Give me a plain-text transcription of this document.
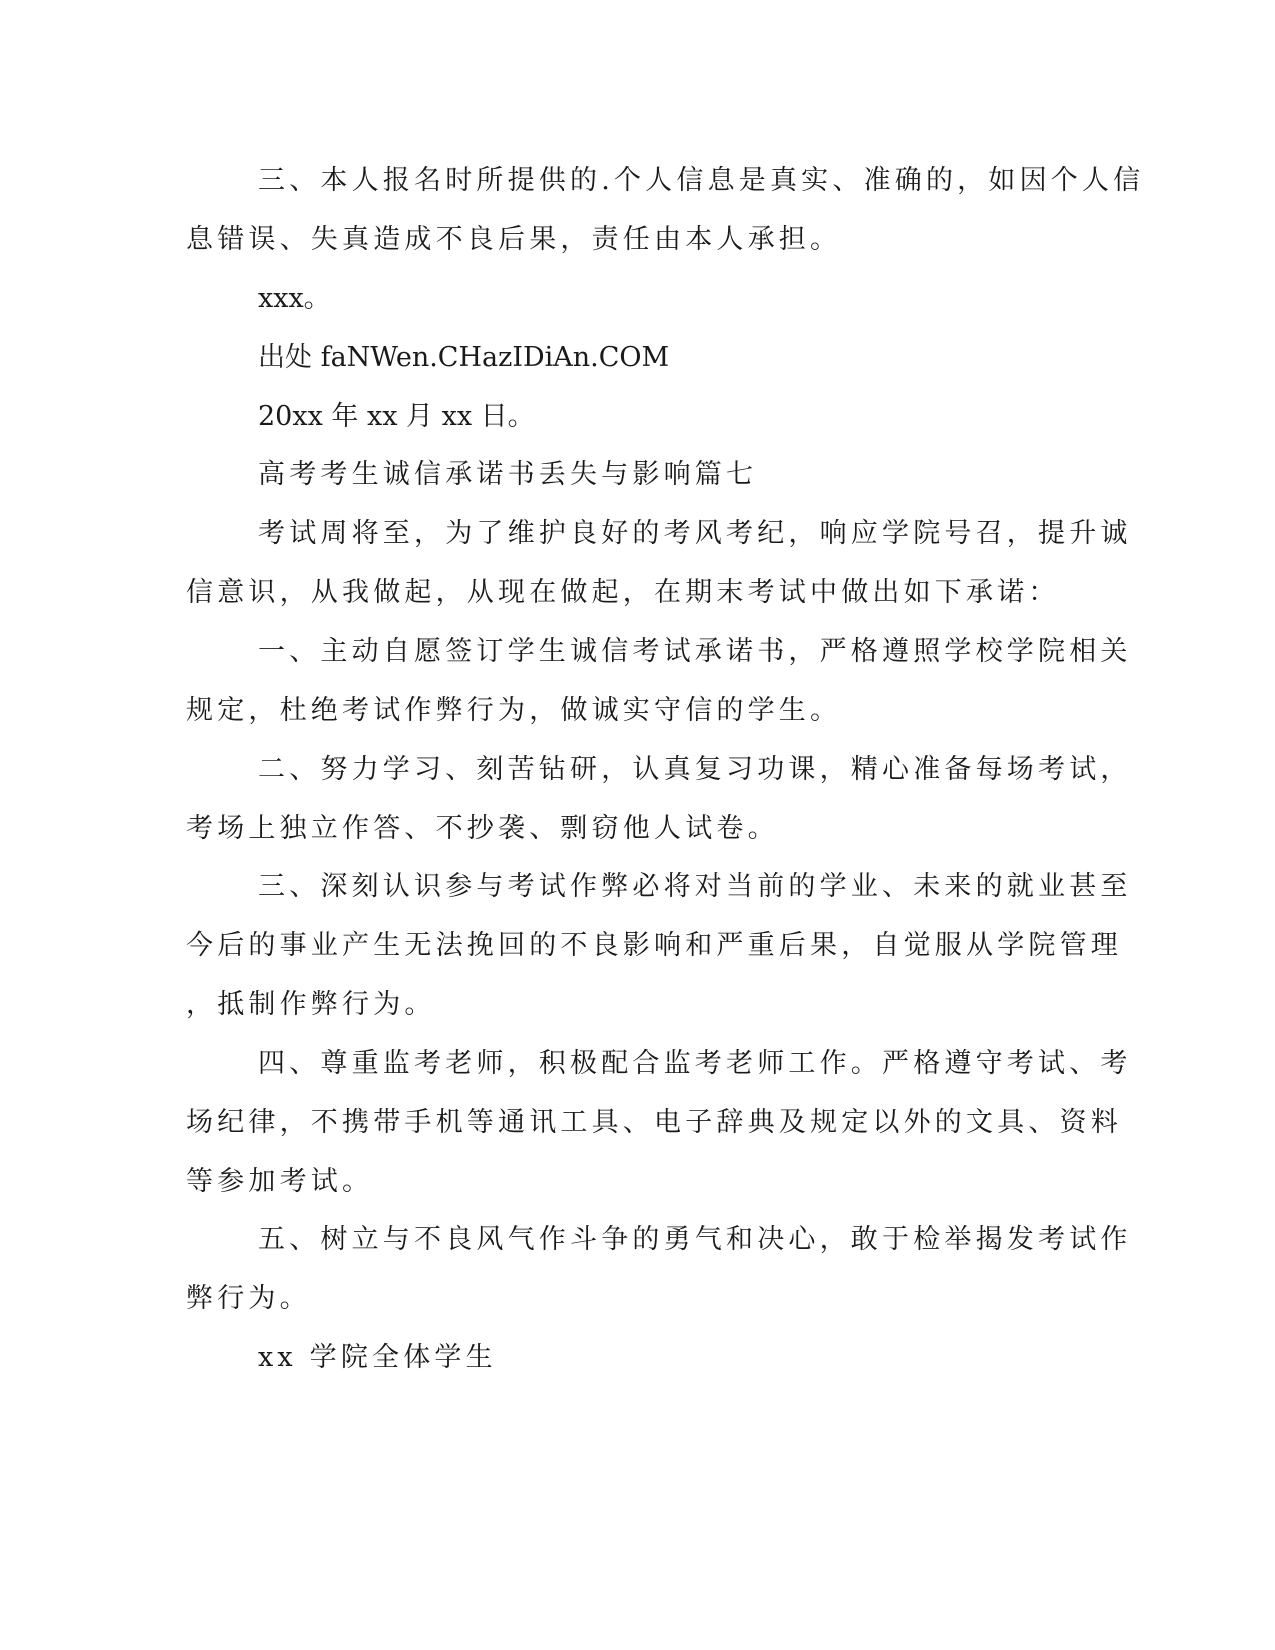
三、本人报名时所提供的.个人信息是真实、准确的，如因个人信
息错误、失真造成不良后果，责任由本人承担。
xxx。
出处 faNWen.CHazIDiAn.COM
20xx 年 xx 月 xx 日。
高考考生诚信承诺书丢失与影响篇七
考试周将至，为了维护良好的考风考纪，响应学院号召，提升诚
信意识，从我做起，从现在做起，在期末考试中做出如下承诺：
一、主动自愿签订学生诚信考试承诺书，严格遵照学校学院相关
规定，杜绝考试作弊行为，做诚实守信的学生。
二、努力学习、刻苦钻研，认真复习功课，精心准备每场考试，
考场上独立作答、不抄袭、剽窃他人试卷。
三、深刻认识参与考试作弊必将对当前的学业、未来的就业甚至
今后的事业产生无法挽回的不良影响和严重后果，自觉服从学院管理
，抵制作弊行为。
四、尊重监考老师，积极配合监考老师工作。严格遵守考试、考
场纪律，不携带手机等通讯工具、电子辞典及规定以外的文具、资料
等参加考试。
五、树立与不良风气作斗争的勇气和决心，敢于检举揭发考试作
弊行为。
xx 学院全体学生
